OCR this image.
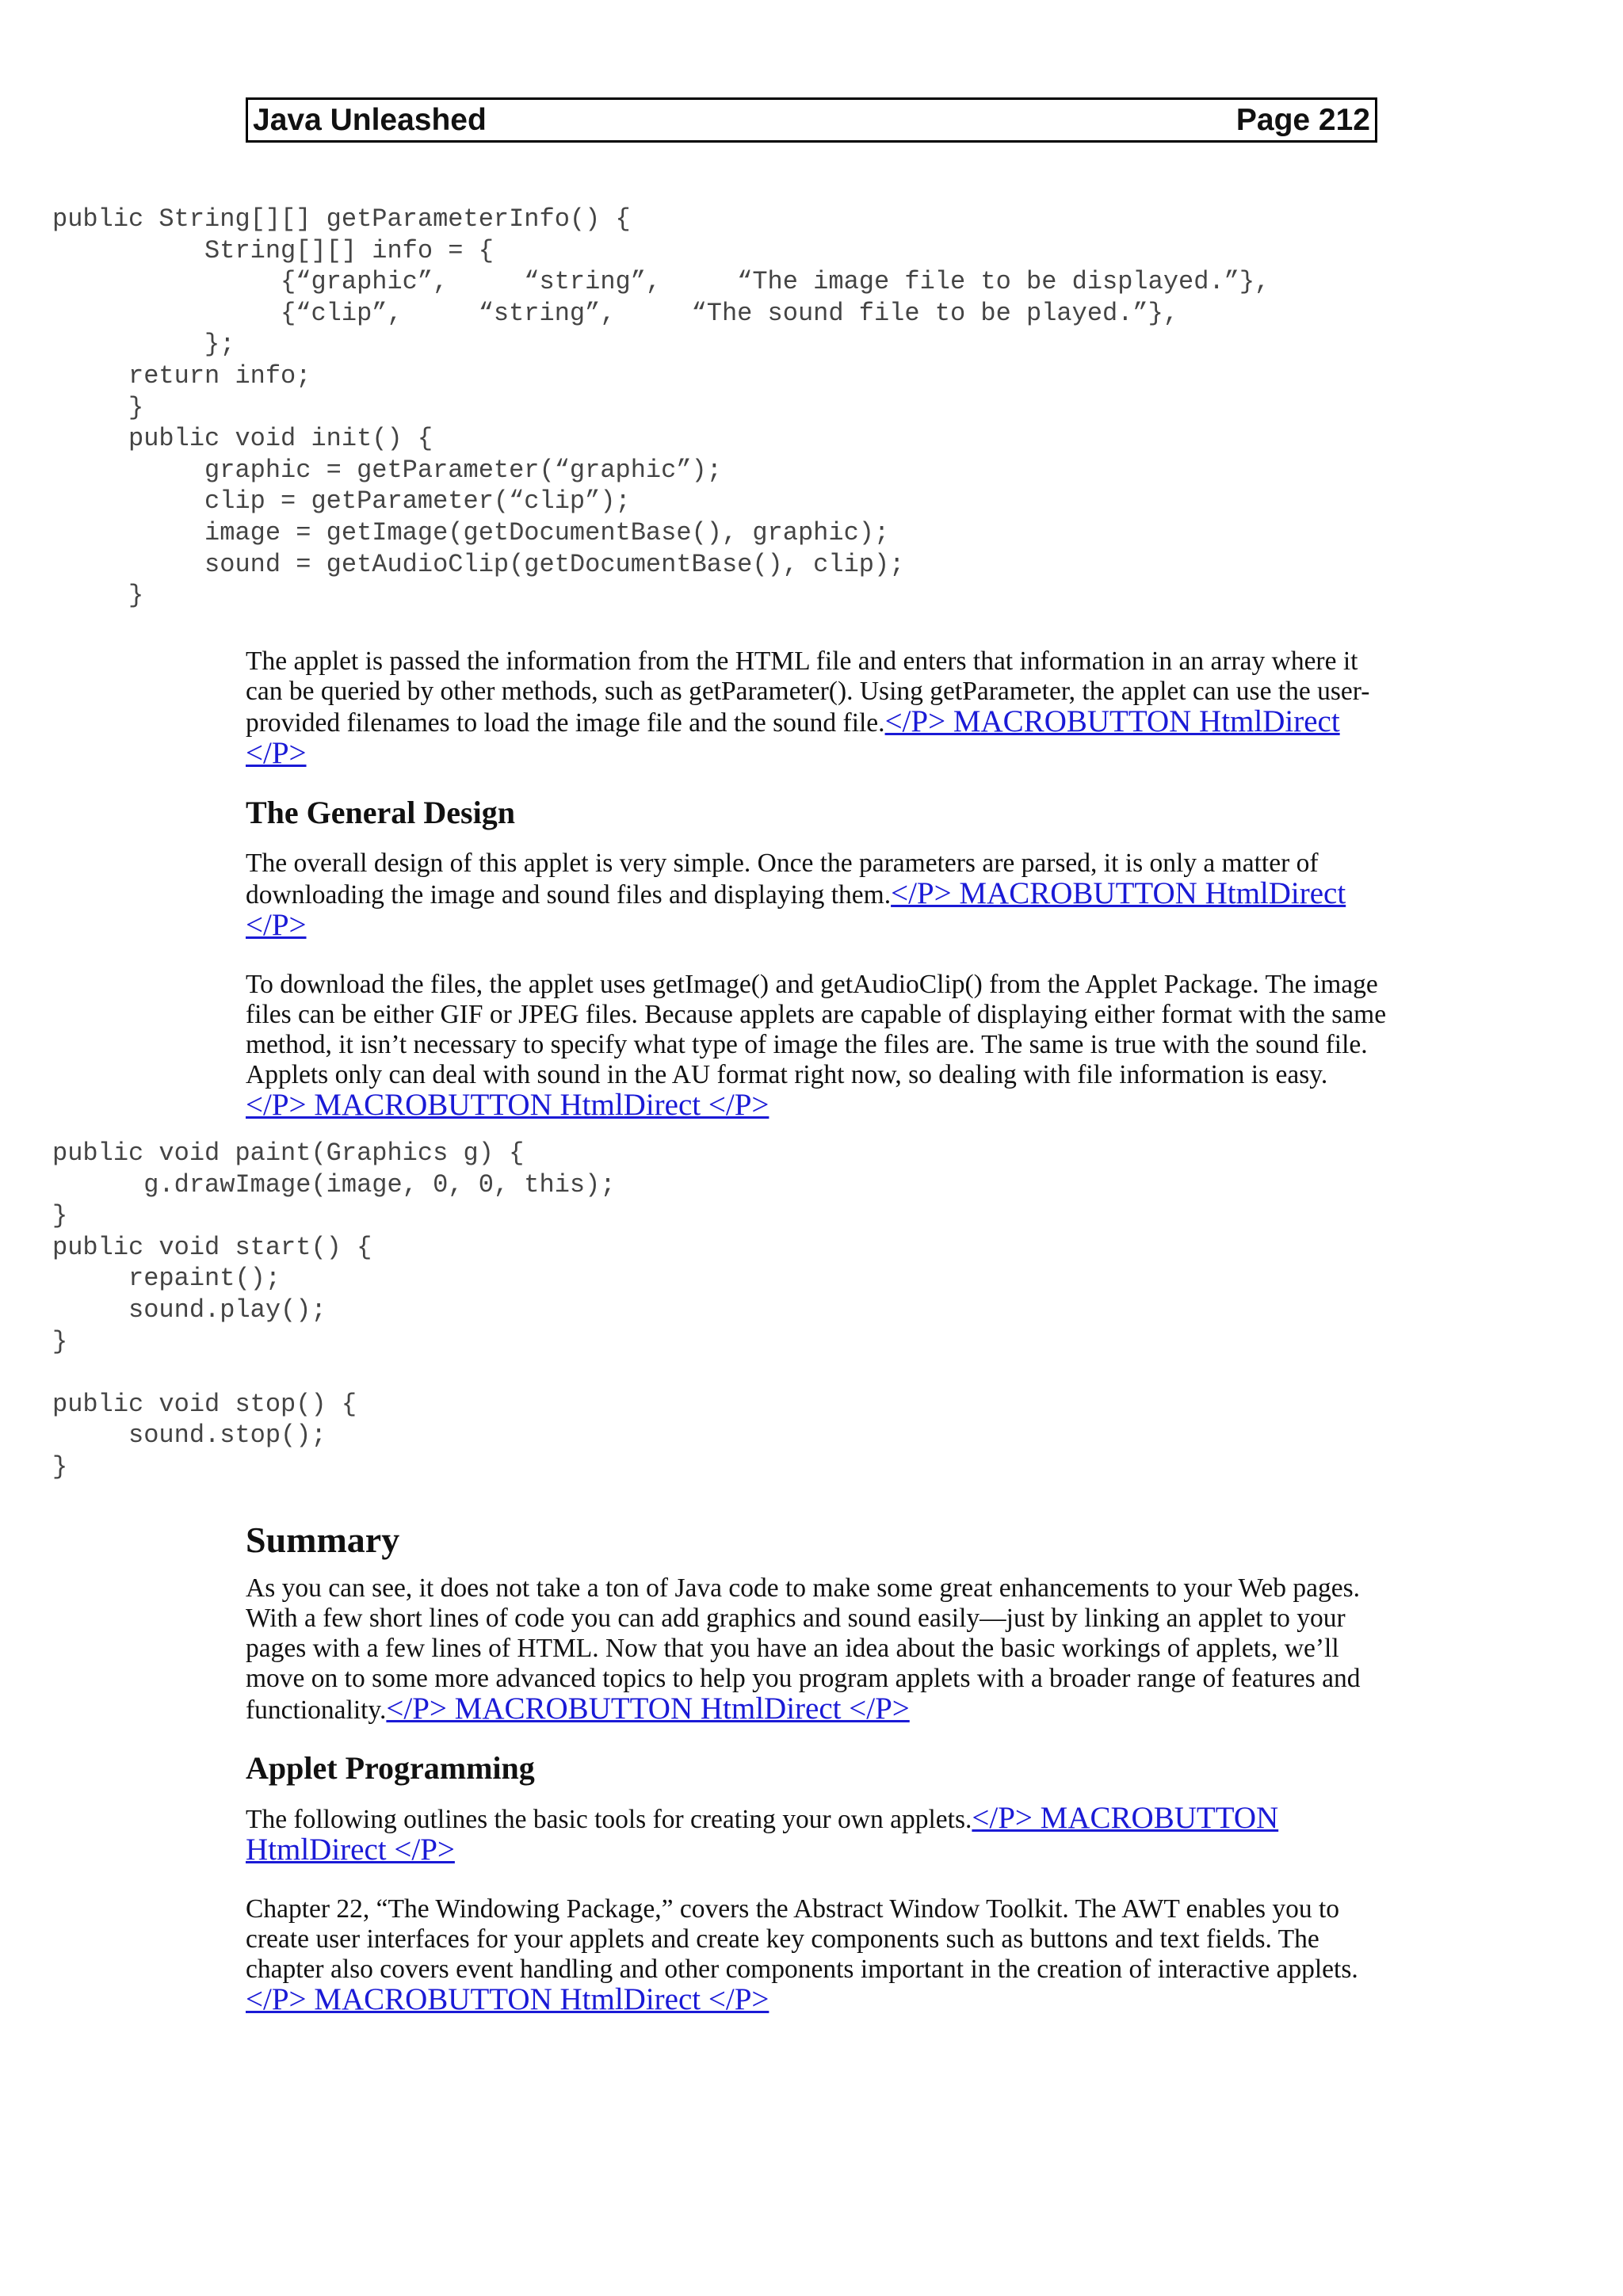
Java Unleashed	Page 212
public String[][] getParameterInfo() {
String[][] info = {
{“graphic”,     “string”,     “The image file to be displayed.”},
{“clip”,     “string”,     “The sound file to be played.”},
};
return info;
}
public void init() {
graphic = getParameter(“graphic”);
clip = getParameter(“clip”);
image = getImage(getDocumentBase(), graphic);
sound = getAudioClip(getDocumentBase(), clip);
}

The applet is passed the information from the HTML file and enters that information in an array where it can be queried by other methods, such as getParameter(). Using getParameter, the applet can use the user-provided filenames to load the image file and the sound file.</P> MACROBUTTON HtmlDirect </P>

The General Design

The overall design of this applet is very simple. Once the parameters are parsed, it is only a matter of downloading the image and sound files and displaying them.</P> MACROBUTTON HtmlDirect </P>

To download the files, the applet uses getImage() and getAudioClip() from the Applet Package. The image files can be either GIF or JPEG files. Because applets are capable of displaying either format with the same method, it isn’t necessary to specify what type of image the files are. The same is true with the sound file. Applets only can deal with sound in the AU format right now, so dealing with file information is easy.</P> MACROBUTTON HtmlDirect </P>

public void paint(Graphics g) {
g.drawImage(image, 0, 0, this);
}
public void start() {
repaint();
sound.play();
}

public void stop() {
sound.stop();
}
Summary

As you can see, it does not take a ton of Java code to make some great enhancements to your Web pages. With a few short lines of code you can add graphics and sound easily—just by linking an applet to your pages with a few lines of HTML. Now that you have an idea about the basic workings of applets, we’ll move on to some more advanced topics to help you program applets with a broader range of features and functionality.</P> MACROBUTTON HtmlDirect </P>

Applet Programming

The following outlines the basic tools for creating your own applets.</P> MACROBUTTON HtmlDirect </P>

Chapter 22, “The Windowing Package,” covers the Abstract Window Toolkit. The AWT enables you to create user interfaces for your applets and create key components such as buttons and text fields. The chapter also covers event handling and other components important in the creation of interactive applets.</P> MACROBUTTON HtmlDirect </P>
